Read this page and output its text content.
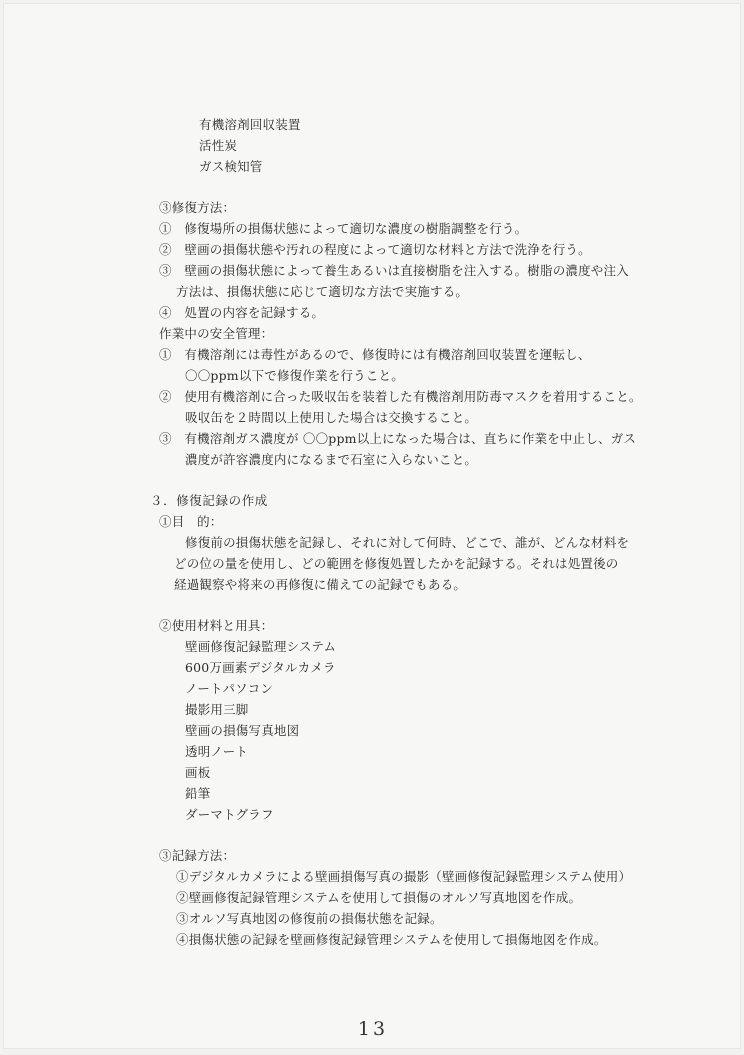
有機溶剤回収装置
活性炭
ガス検知管
③修復方法：
①　修復場所の損傷状態によって適切な濃度の樹脂調整を行う。
②　壁画の損傷状態や汚れの程度によって適切な材料と方法で洗浄を行う。
③　壁画の損傷状態によって養生あるいは直接樹脂を注入する。樹脂の濃度や注入
方法は、損傷状態に応じて適切な方法で実施する。
④　処置の内容を記録する。
作業中の安全管理：
①　有機溶剤には毒性があるので、修復時には有機溶剤回収装置を運転し、
〇〇ppm以下で修復作業を行うこと。
②　使用有機溶剤に合った吸収缶を装着した有機溶剤用防毒マスクを着用すること。
吸収缶を２時間以上使用した場合は交換すること。
③　有機溶剤ガス濃度が 〇〇ppm以上になった場合は、直ちに作業を中止し、ガス
濃度が許容濃度内になるまで石室に入らないこと。
３．修復記録の作成
①目　的：
修復前の損傷状態を記録し、それに対して何時、どこで、誰が、どんな材料を
どの位の量を使用し、どの範囲を修復処置したかを記録する。それは処置後の
経過観察や将来の再修復に備えての記録でもある。
②使用材料と用具：
壁画修復記録監理システム
600万画素デジタルカメラ
ノートパソコン
撮影用三脚
壁画の損傷写真地図
透明ノート
画板
鉛筆
ダーマトグラフ
③記録方法：
①デジタルカメラによる壁画損傷写真の撮影（壁画修復記録監理システム使用）
②壁画修復記録管理システムを使用して損傷のオルソ写真地図を作成。
③オルソ写真地図の修復前の損傷状態を記録。
④損傷状態の記録を壁画修復記録管理システムを使用して損傷地図を作成。
13
